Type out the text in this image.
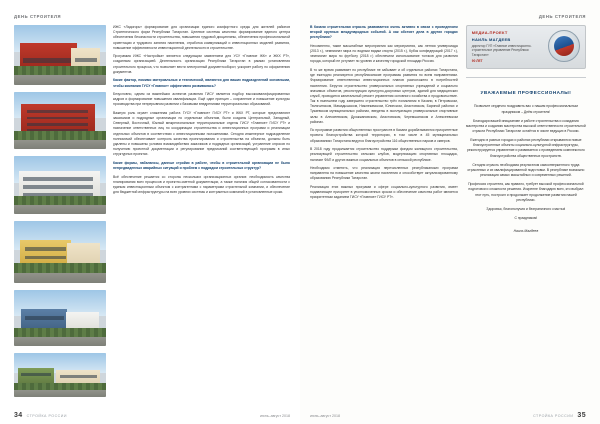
ДЕНЬ СТРОИТЕЛЯ

ИЖС «Ладогорь» формирование для организации единого комфортного среды для жителей районов Стратегического форм Республики Татарстан. Целевое системы качества: формирование единого центра обеспечения безопасности строительства, повышения трудовой дисциплины, обеспечения профессиональной ориентации и трудового занятия населения, отработка коммуникаций и инвестиционных моделей развития, повышение эффективности инвестиционной деятельности в строительстве.

Программа ИЖС «Настройка» является следующим заявлением для УСУ «Главное ЖК» и ЖКХ РТ», созданным организацией. Деятельность организации Республики Татарстан в рамках установления строительного процесса, что позволяет вести электронный документооборот, ускоряет работу по оформлению документов.

Какие фактор, помимо материальных и технической, являются для ваших подразделений основными, чтобы компания ГУСУ «Главное» эффективно развивалась?

Безусловно, одним из важнейших аспектов развития ГИСУ является подбор высококвалифицированных кадров и формирование повышения квалификации. Ещё один принцип – сохранение и повышение культуры производства при непрерывном развитии с базовыми внедрениями территориальных образований.

Важную роль играет слаженная работа ГУСУ «Главное» ГИСУ РТ» и ЖКХ РТ, которые представляют заказчиков и подрядные организации по отдельным объектам, были созданы Центральный, Западный, Северный, Восточный, Южный межрегиональные территориальные отделы ГИСУ «Главное» ГИСУ РТ» и назначение ответственных лиц по координации строительства и инвестиционных программ и реализации отдельных объектов в соответствии с инвестиционными положениями. Сегодня инженерное подразделение полномочий обеспечивает контроль качества проектирования и строительства на объектах, должны быть удалены и повышены условия взаимодействия заказчиков и подрядных организаций, устранение опросов по получению проектной документации и регулирование предписаний соответствующей программ в иных структурных проектах.

Какие формы, набалансы, данные стройки в работе, чтобы в строительной организации не было непредвиденных аварийных ситуаций и проблем с подрядом строительных структур?

Всё обеспечение решается со стороны нескольких организационных органов: необходимость качества планирования всех процессов и проектно-сметной документации, а также наличия общей согласованности с единым инвестиционным объектом с контрагентами с параметрами строительной компании, и обеспечение для бюджетной инфраструктуры на всех уровнях системы и контрактных компаний в установленные сроки.

34 СТРОЙКА РОССИИ	июнь–август 2018
ДЕНЬ СТРОИТЕЛЯ

В Казани строительная отрасль развивается очень активно в связи с проведением второй крупных международных событий. А как обстоят дела в других городах республики?

Несомненно, такие масштабные мероприятия как мероприятия, как летняя универсиада (2013 г.), чемпионат мира по водным видам спорта (2015 г.), Кубок конфедераций (2017 г.), чемпионат мира по футболу (2018 г.) обеспечили использование толчков для развития города, который не уступает по уровню и качеству городской площади России.

В то же время развивает по республике не забывает и об отдельных районах Татарстана, где ежегодно реализуется республиканские программы развития по всем направлениям. Формирование ответственных инвестиционных планов расположено в потребностей населения. Берутся строительство универсальных спортивных учреждений и социально значимых объектов, реконструкция культурно-досуговых центров, зданий для медицинских служб, проводится капитальный ремонт управления основного хозяйства и продовольствие. Так в нынешнем году завершено строительство трёх поликлиник в Казани, в Петровском, Тюлячинском, Мамадышском, Нижнекамском, Юлинском, Апастовском, Бариной районах и Тукаевском муниципальных районах, введены в эксплуатацию универсальные спортивные залы в Алексеевском, Дрожжановском, Апастовском, Черемшанском и Алексеевском районах.

По программе развития общественных пространств в Казани дорабатываются приоритетные проекты благоустройства которой территории, в том числе в 45 муниципальных образованиях Татарстана ведутся благоустройства 116 общественных парков и скверов.

В 2018 году продолжается строительство поддержки фондом жилищного строительства, реализующей строительство сельских клубов, модернизацию спортивных площадок, наличие ФАП и других важных социальных объектов в сельской республике.

Необходимо отметить, что реализация перечисленных республиканских программ направлена на повышение качества жизни населения и способствует актуализированному образованию Республики Татарстан.

Реализация этих важных программ и сфере социально-культурного развития, имеет подавляющее приоритет в уполномоченных сроках и обеспечение качества работ является приоритетным заданием ГИСУ «Главное» ГИСУ РТ».

МЕДИА-ПРОЕКТ
НАИЛЬ МАГДЕЕВ
директор ГУП «Главное инвестиционно-строительное управление Республики Татарстан»
90 ЛЕТ
УВАЖАЕМЫЕ ПРОФЕССИОНАЛЫ!

Позвольте сердечно поздравить вас с нашим профессиональным праздником – Днём строителя!

Благодаря вашей инициативе и работе строительства и созидания мастерства и созданию мастерства высокой ответственности строительной отрасли Республики Татарстан остаётся в числе ведущих в России.

Ежегодно в разных городах и районах республики открываются новые благоустроенные объекты социально-культурной инфраструктуры, реконструируется управление и развивается с проведением комплексного благоустройства общественных пространств.

Сегодня отрасль необходима результатом самоотверженного труда отраслевых и их квалифицированной подготовки. В республике возможно реализация самых масштабных и современных решений.

Профессия строителя, как правило, требует высокой профессиональной подготовки и сложности решения. Искренне благодарю всех, кто выбрал этот путь, построил и продолжает продолжение развития нашей республики.

Здоровья, благополучия и безграничного счастья!

С праздником!

Наиль Магдеев
июнь–август 2018	СТРОЙКА РОССИИ 35
